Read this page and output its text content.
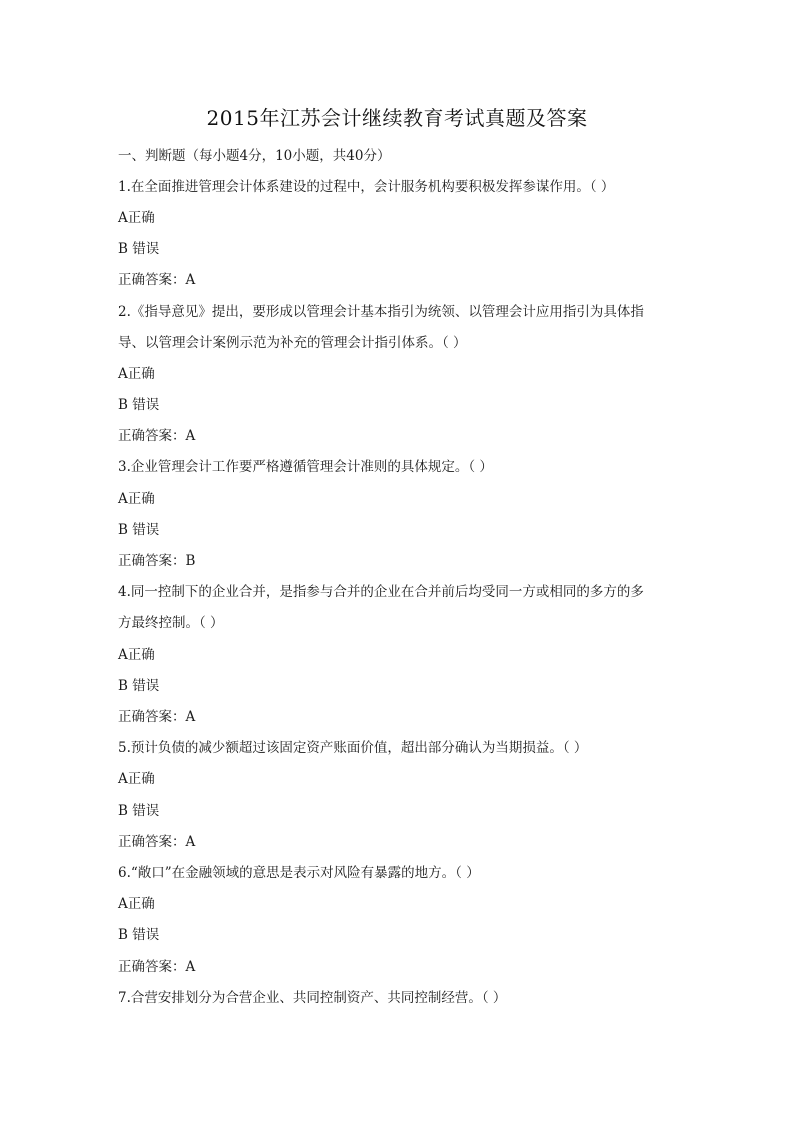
2015年江苏会计继续教育考试真题及答案
一、判断题（每小题4分，10小题，共40分）
1.在全面推进管理会计体系建设的过程中，会计服务机构要积极发挥参谋作用。（ ）
A正确
B 错误
正确答案：A
2.《指导意见》提出，要形成以管理会计基本指引为统领、以管理会计应用指引为具体指
导、以管理会计案例示范为补充的管理会计指引体系。（ ）
A正确
B 错误
正确答案：A
3.企业管理会计工作要严格遵循管理会计准则的具体规定。（ ）
A正确
B 错误
正确答案：B
4.同一控制下的企业合并，是指参与合并的企业在合并前后均受同一方或相同的多方的多
方最终控制。（ ）
A正确
B 错误
正确答案：A
5.预计负债的减少额超过该固定资产账面价值，超出部分确认为当期损益。（ ）
A正确
B 错误
正确答案：A
6.“敞口”在金融领域的意思是表示对风险有暴露的地方。（ ）
A正确
B 错误
正确答案：A
7.合营安排划分为合营企业、共同控制资产、共同控制经营。（ ）
